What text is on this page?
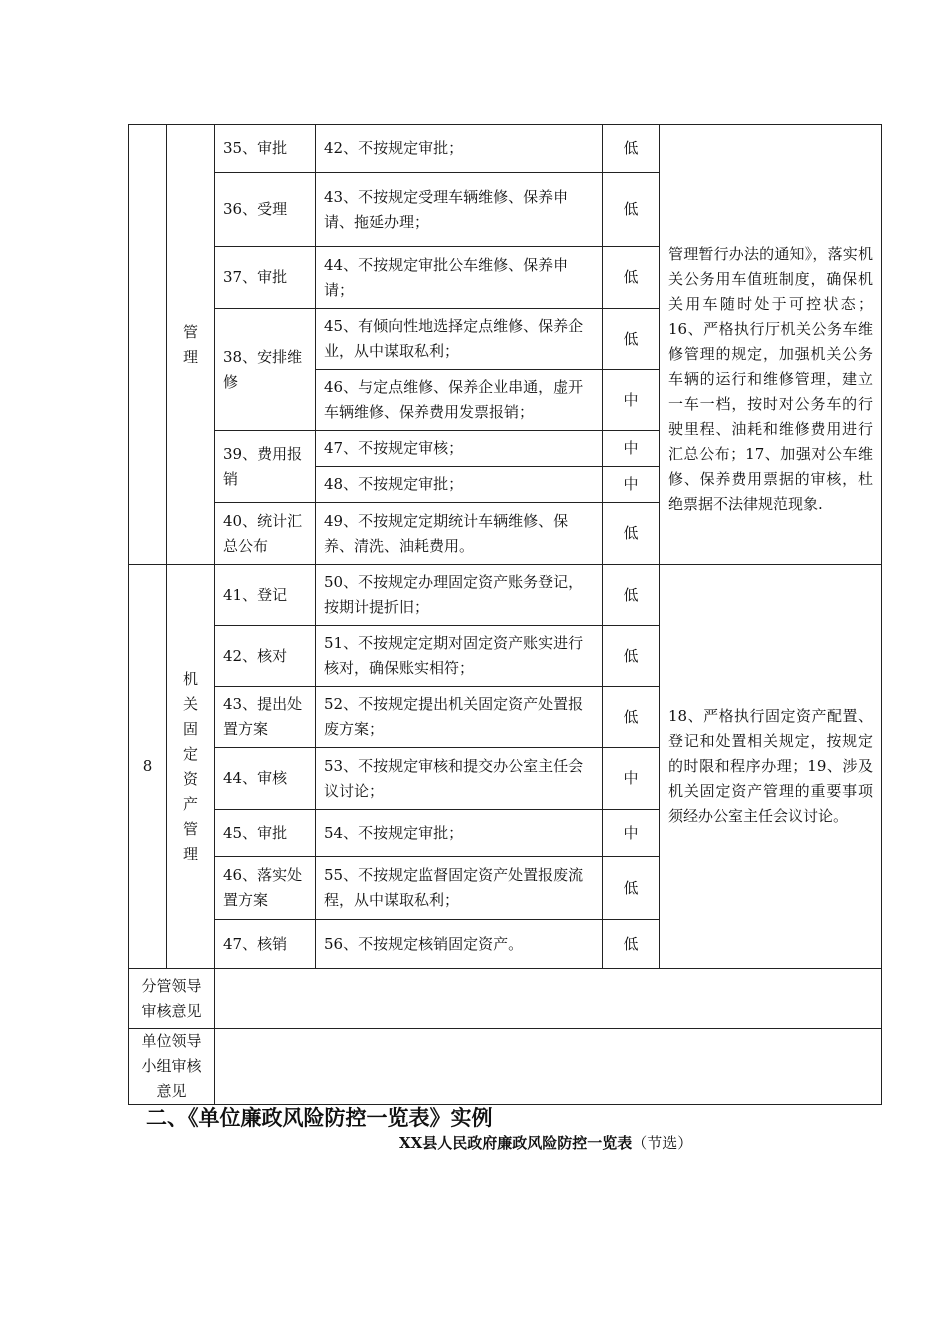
	管理	35、审批	42、不按规定审批；	低	管理暂行办法的通知》，落实机关公务用车值班制度，确保机关用车随时处于可控状态；16、严格执行厅机关公务车维修管理的规定，加强机关公务车辆的运行和维修管理，建立一车一档，按时对公务车的行驶里程、油耗和维修费用进行汇总公布；17、加强对公车维修、保养费用票据的审核，杜绝票据不法律规范现象.

		36、受理	43、不按规定受理车辆维修、保养申请、拖延办理；	低	
		37、审批	44、不按规定审批公车维修、保养申请；	低	
		38、安排维修	45、有倾向性地选择定点维修、保养企业，从中谋取私利；	低	
			46、与定点维修、保养企业串通，虚开车辆维修、保养费用发票报销；	中	
		39、费用报销	47、不按规定审核；	中	
			48、不按规定审批；	中	
		40、统计汇总公布	49、不按规定定期统计车辆维修、保养、清洗、油耗费用。	低	
8	机关固定资产管理	41、登记	50、不按规定办理固定资产账务登记，按期计提折旧；	低	18、严格执行固定资产配置、登记和处置相关规定，按规定的时限和程序办理；19、涉及机关固定资产管理的重要事项须经办公室主任会议讨论。

		42、核对	51、不按规定定期对固定资产账实进行核对，确保账实相符；	低	
		43、提出处置方案	52、不按规定提出机关固定资产处置报废方案；	低	
		44、审核	53、不按规定审核和提交办公室主任会议讨论；	中	
		45、审批	54、不按规定审批；	中	
		46、落实处置方案	55、不按规定监督固定资产处置报废流程，从中谋取私利；	低	
		47、核销	56、不按规定核销固定资产。	低	
分管领导审核意见					
单位领导小组审核意见					
二、《单位廉政风险防控一览表》实例
XX县人民政府廉政风险防控一览表（节选）
